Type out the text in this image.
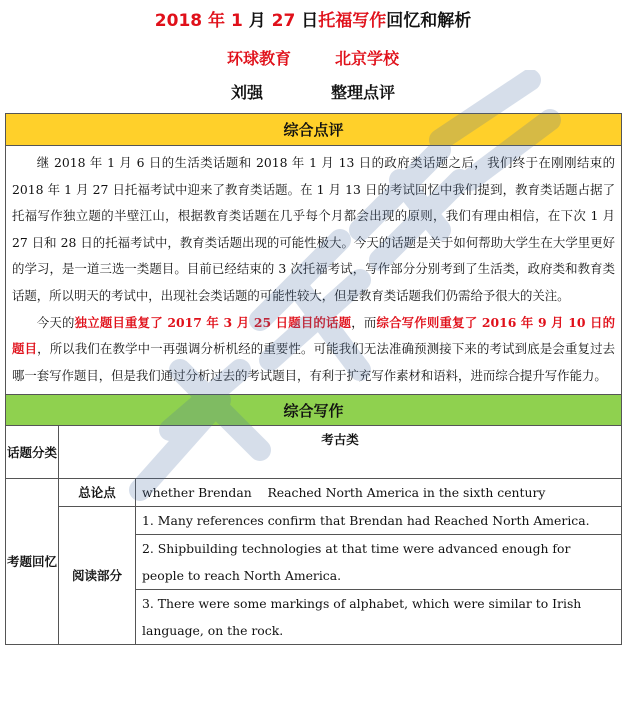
2018 年 1 月 27 日托福写作回忆和解析
环球教育	北京学校
刘强	整理点评
综合点评		

继 2018 年 1 月 6 日的生活类话题和 2018 年 1 月 13 日的政府类话题之后，我们终于在刚刚结束的 2018 年 1 月 27 日托福考试中迎来了教育类话题。在 1 月 13 日的考试回忆中我们提到，教育类话题占据了托福写作独立题的半壁江山，根据教育类话题在几乎每个月都会出现的原则，我们有理由相信，在下次 1 月 27 日和 28 日的托福考试中，教育类话题出现的可能性极大。今天的话题是关于如何帮助大学生在大学里更好的学习，是一道三选一类题目。目前已经结束的 3 次托福考试，写作部分分别考到了生活类，政府类和教育类话题，所以明天的考试中，出现社会类话题的可能性较大，但是教育类话题我们仍需给予很大的关注。

今天的独立题目重复了 2017 年 3 月 25 日题目的话题，而综合写作则重复了 2016 年 9 月 10 日的题目，所以我们在教学中一再强调分析机经的重要性。可能我们无法准确预测接下来的考试到底是会重复过去哪一套写作题目，但是我们通过分析过去的考试题目，有利于扩充写作素材和语料，进而综合提升写作能力。		

综合写作		
话题分类	考古类	
考题回忆	总论点	whether Brendan    Reached North America in the sixth century
	阅读部分	1. Many references confirm that Brendan had Reached North America.
		2. Shipbuilding technologies at that time were advanced enough for people to reach North America.
		3. There were some markings of alphabet, which were similar to Irish language, on the rock.
